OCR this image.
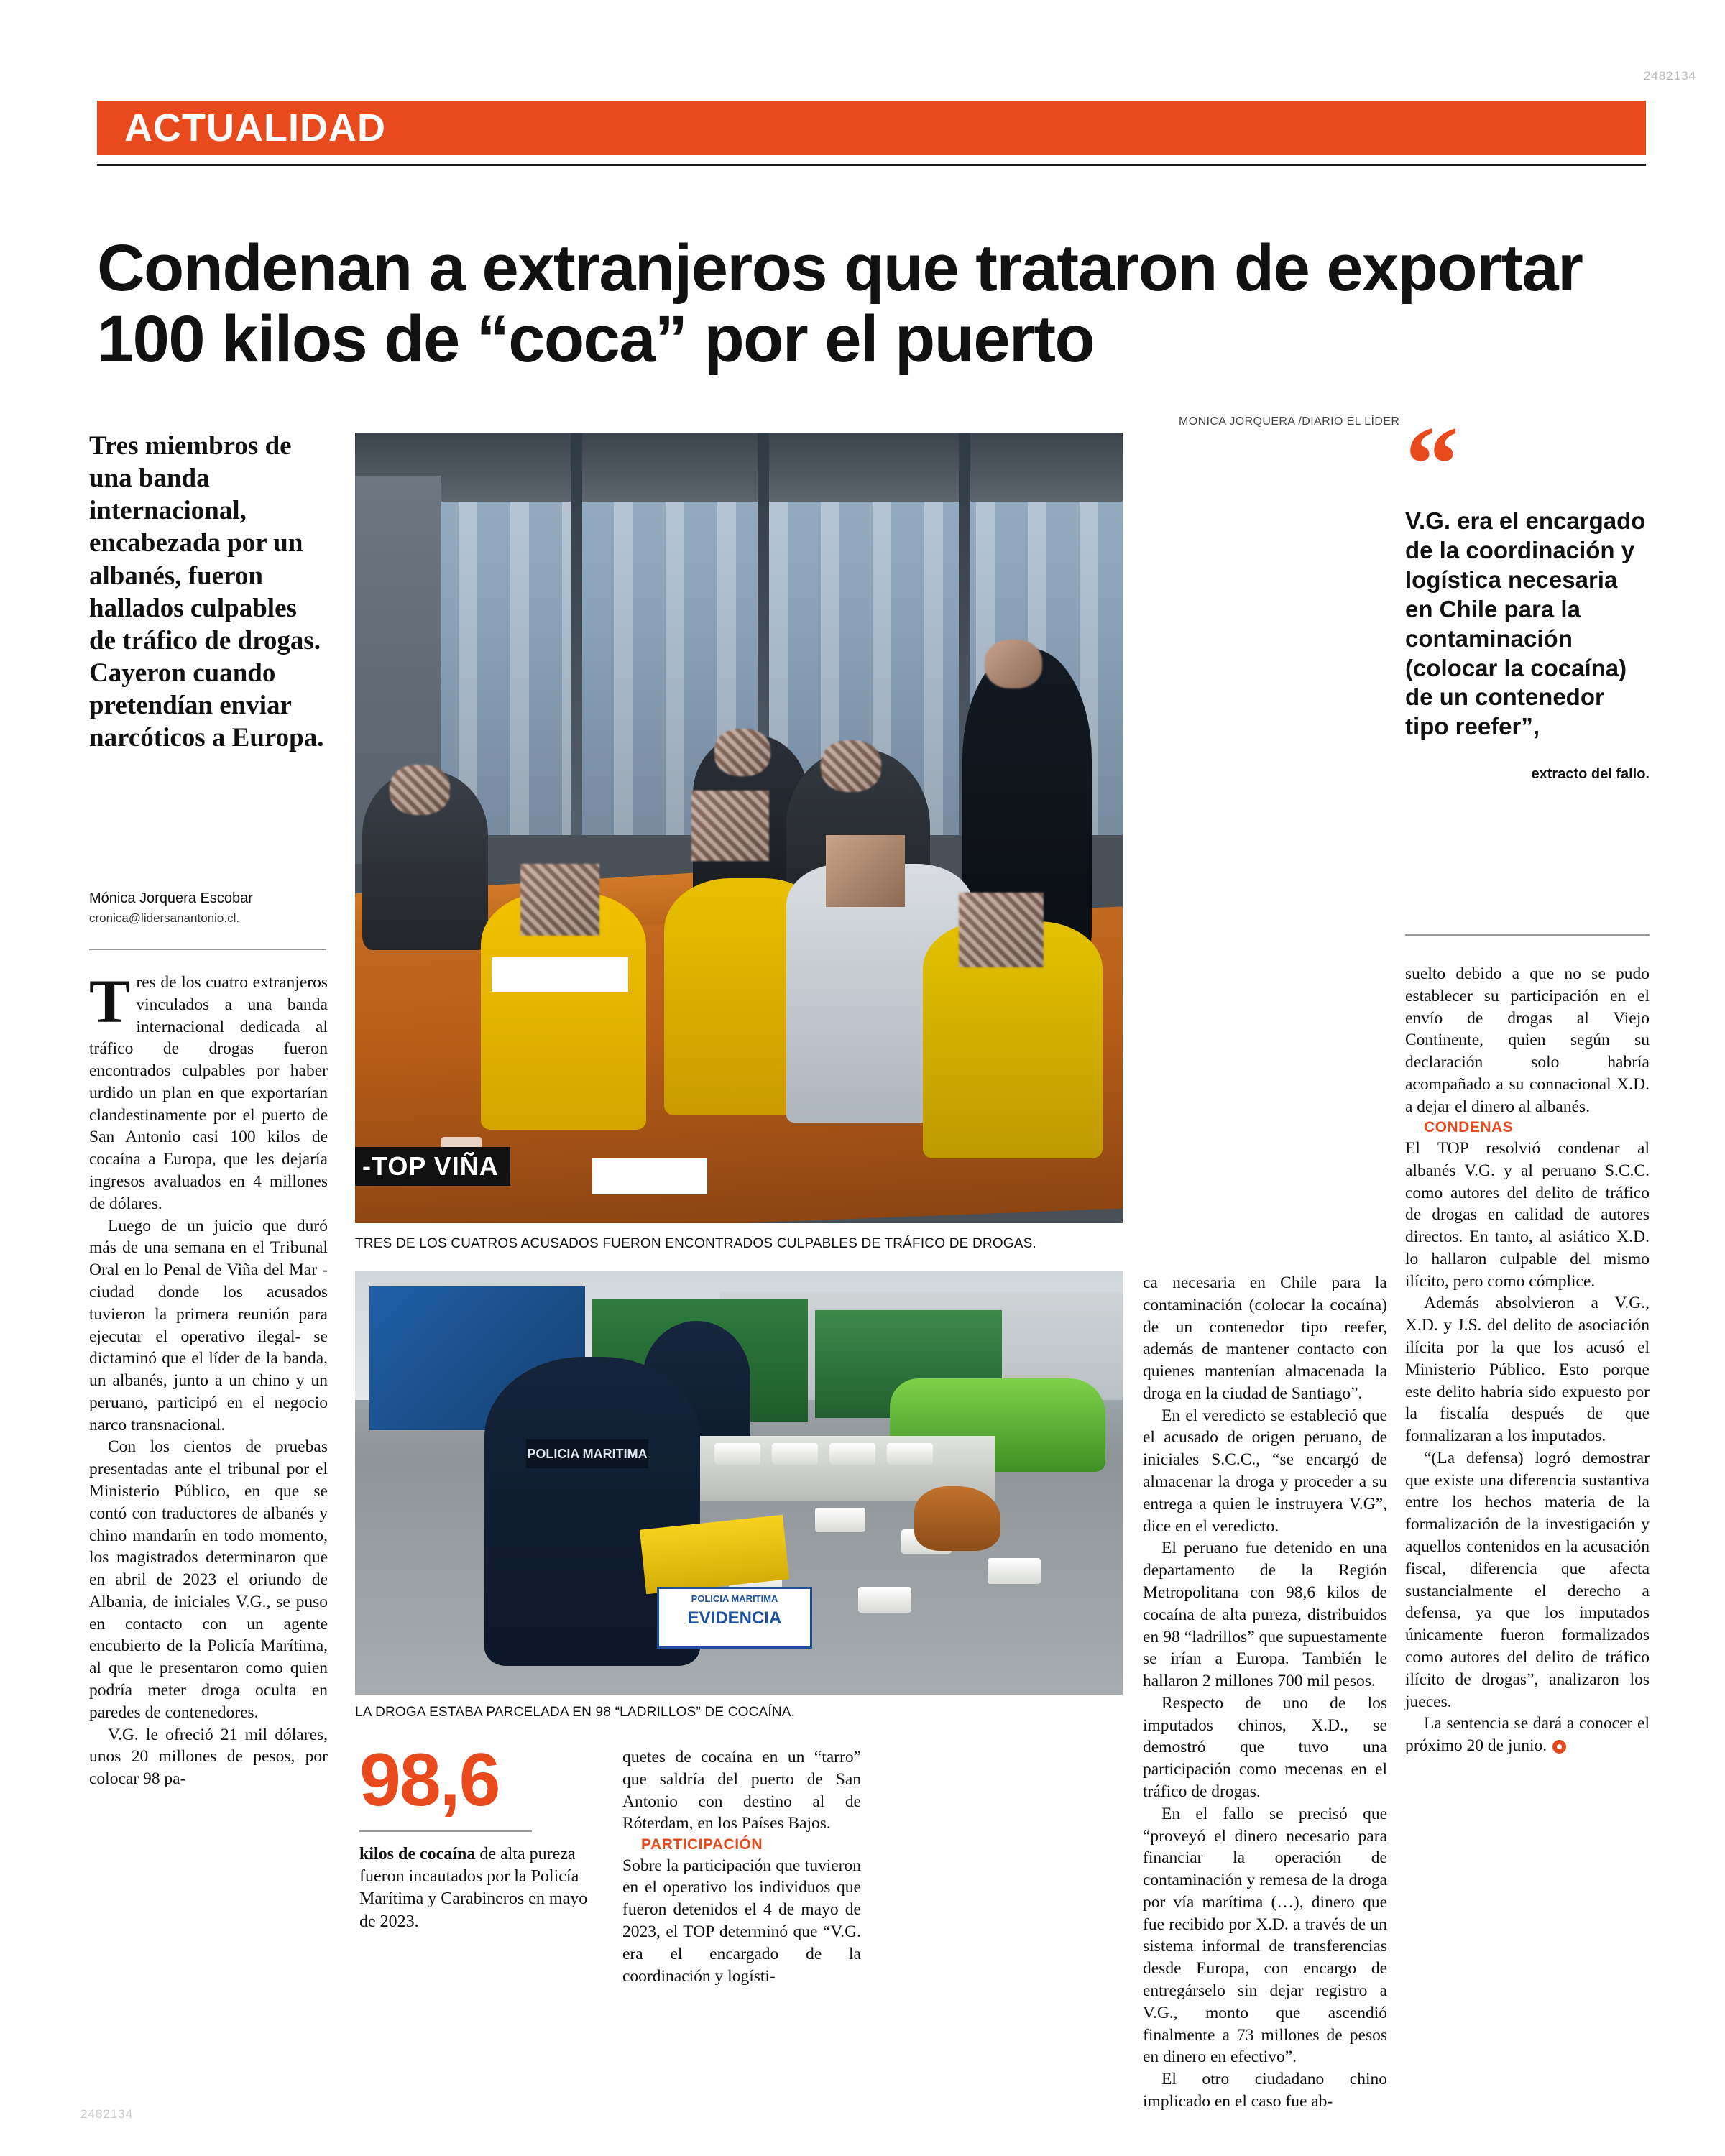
2482134
2482134
ACTUALIDAD
Condenan a extranjeros que trataron de exportar 100 kilos de “coca” por el puerto
Tres miembros de una banda internacional, encabezada por un albanés, fueron hallados culpables de tráfico de drogas. Cayeron cuando pretendían enviar narcóticos a Europa.
Mónica Jorquera Escobar
cronica@lidersanantonio.cl.

Tres de los cuatro extranjeros vinculados a una banda internacional dedicada al tráfico de drogas fueron encontrados culpables por haber urdido un plan en que exportarían clandestinamente por el puerto de San Antonio casi 100 kilos de cocaína a Europa, que les dejaría ingresos avaluados en 4 millones de dólares.

Luego de un juicio que duró más de una semana en el Tribunal Oral en lo Penal de Viña del Mar -ciudad donde los acusados tuvieron la primera reunión para ejecutar el operativo ilegal- se dictaminó que el líder de la banda, un albanés, junto a un chino y un peruano, participó en el negocio narco transnacional.

Con los cientos de pruebas presentadas ante el tribunal por el Ministerio Público, en que se contó con traductores de albanés y chino mandarín en todo momento, los magistrados determinaron que en abril de 2023 el oriundo de Albania, de iniciales V.G., se puso en contacto con un agente encubierto de la Policía Marítima, al que le presentaron como quien podría meter droga oculta en paredes de contenedores.

V.G. le ofreció 21 mil dólares, unos 20 millones de pesos, por colocar 98 pa-

MONICA JORQUERA /DIARIO EL LÍDER
-TOP VIÑA
TRES DE LOS CUATROS ACUSADOS FUERON ENCONTRADOS CULPABLES DE TRÁFICO DE DROGAS.
POLICIA MARITIMA
POLICIA MARITIMA
EVIDENCIA
LA DROGA ESTABA PARCELADA EN 98 “LADRILLOS” DE COCAÍNA.
“
V.G. era el encargado de la coordinación y logística necesaria en Chile para la contaminación (colocar la cocaína) de un contenedor tipo reefer”,
extracto del fallo.
98,6
kilos de cocaína de alta pureza fueron incautados por la Policía Marítima y Carabineros en mayo de 2023.

quetes de cocaína en un “tarro” que saldría del puerto de San Antonio con destino al de Róterdam, en los Países Bajos.

PARTICIPACIÓN

Sobre la participación que tuvieron en el operativo los individuos que fueron detenidos el 4 de mayo de 2023, el TOP determinó que “V.G. era el encargado de la coordinación y logísti-

ca necesaria en Chile para la contaminación (colocar la cocaína) de un contenedor tipo reefer, además de mantener contacto con quienes mantenían almacenada la droga en la ciudad de Santiago”.

En el veredicto se estableció que el acusado de origen peruano, de iniciales S.C.C., “se encargó de almacenar la droga y proceder a su entrega a quien le instruyera V.G”, dice en el veredicto.

El peruano fue detenido en una departamento de la Región Metropolitana con 98,6 kilos de cocaína de alta pureza, distribuidos en 98 “ladrillos” que supuestamente se irían a Europa. También le hallaron 2 millones 700 mil pesos.

Respecto de uno de los imputados chinos, X.D., se demostró que tuvo una participación como mecenas en el tráfico de drogas.

En el fallo se precisó que “proveyó el dinero necesario para financiar la operación de contaminación y remesa de la droga por vía marítima (…), dinero que fue recibido por X.D. a través de un sistema informal de transferencias desde Europa, con encargo de entregárselo sin dejar registro a V.G., monto que ascendió finalmente a 73 millones de pesos en dinero en efectivo”.

El otro ciudadano chino implicado en el caso fue ab-

suelto debido a que no se pudo establecer su participación en el envío de drogas al Viejo Continente, quien según su declaración solo habría acompañado a su connacional X.D. a dejar el dinero al albanés.

CONDENAS

El TOP resolvió condenar al albanés V.G. y al peruano S.C.C. como autores del delito de tráfico de drogas en calidad de autores directos. En tanto, al asiático X.D. lo hallaron culpable del mismo ilícito, pero como cómplice.

Además absolvieron a V.G., X.D. y J.S. del delito de asociación ilícita por la que los acusó el Ministerio Público. Esto porque este delito habría sido expuesto por la fiscalía después de que formalizaran a los imputados.

“(La defensa) logró demostrar que existe una diferencia sustantiva entre los hechos materia de la formalización de la investigación y aquellos contenidos en la acusación fiscal, diferencia que afecta sustancialmente el derecho a defensa, ya que los imputados únicamente fueron formalizados como autores del delito de tráfico ilícito de drogas”, analizaron los jueces.

La sentencia se dará a conocer el próximo 20 de junio.
